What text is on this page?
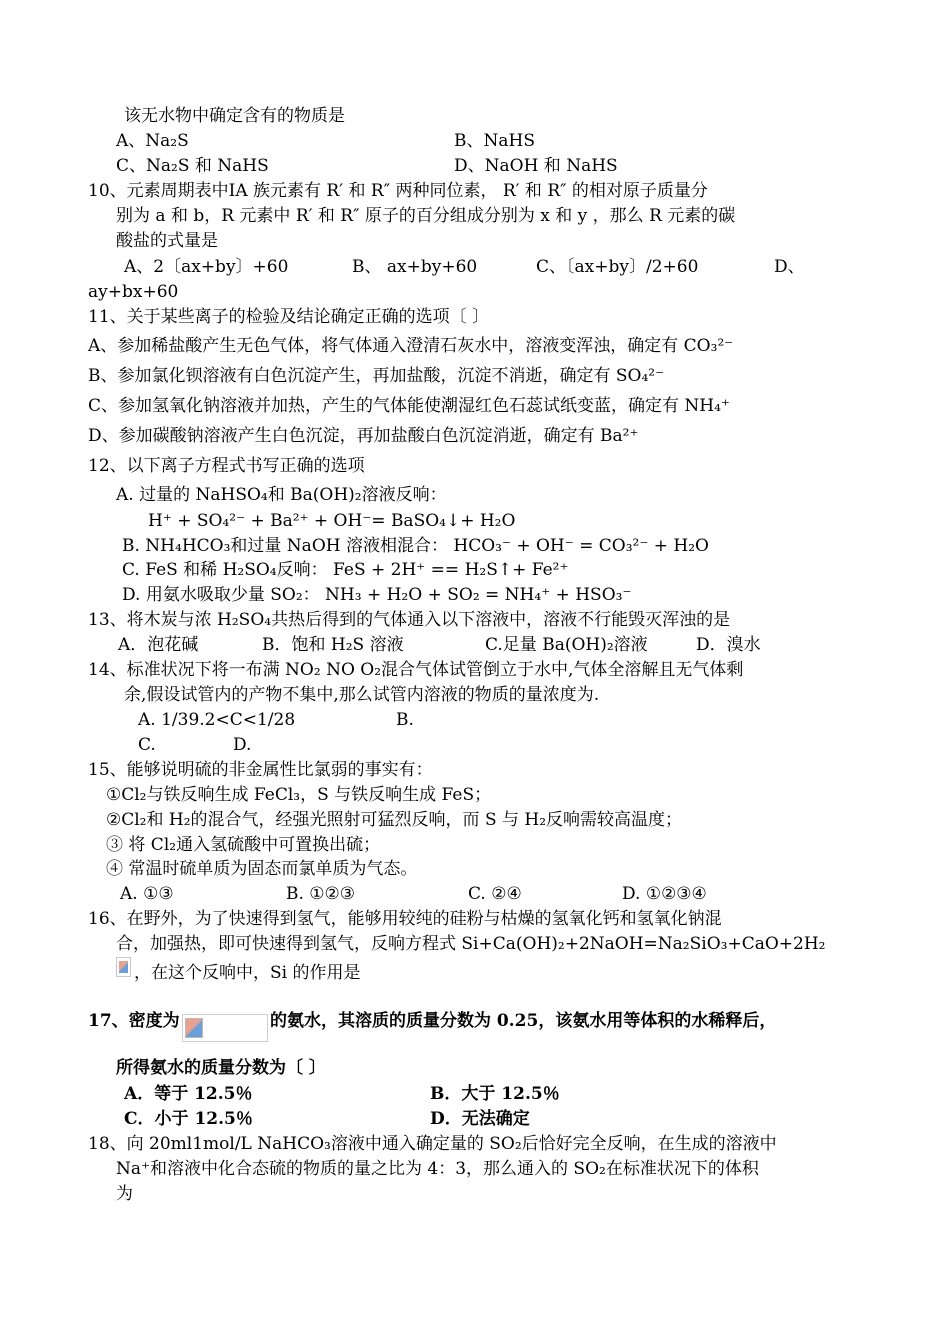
该无水物中确定含有的物质是
A、Na₂S	B、NaHS
C、Na₂S 和 NaHS	D、NaOH 和 NaHS
10、元素周期表中ⅠA 族元素有 R′ 和 R″ 两种同位素， R′ 和 R″ 的相对原子质量分
别为 a 和 b，R 元素中 R′ 和 R″ 原子的百分组成分别为 x 和 y ，那么 R 元素的碳
酸盐的式量是
A、2〔ax+by〕+60	B、 ax+by+60	C、〔ax+by〕/2+60	D、
ay+bx+60
11、关于某些离子的检验及结论确定正确的选项〔 〕
A、参加稀盐酸产生无色气体，将气体通入澄清石灰水中，溶液变浑浊，确定有 CO₃²⁻
B、参加氯化钡溶液有白色沉淀产生，再加盐酸，沉淀不消逝，确定有 SO₄²⁻
C、参加氢氧化钠溶液并加热，产生的气体能使潮湿红色石蕊试纸变蓝，确定有 NH₄⁺
D、参加碳酸钠溶液产生白色沉淀，再加盐酸白色沉淀消逝，确定有 Ba²⁺
12、以下离子方程式书写正确的选项
A. 过量的 NaHSO₄和 Ba(OH)₂溶液反响：
H⁺ + SO₄²⁻ + Ba²⁺ + OH⁻= BaSO₄↓+ H₂O
B. NH₄HCO₃和过量 NaOH 溶液相混合： HCO₃⁻ + OH⁻ = CO₃²⁻ + H₂O
C. FeS 和稀 H₂SO₄反响： FeS + 2H⁺ == H₂S↑+ Fe²⁺
D. 用氨水吸取少量 SO₂： NH₃ + H₂O + SO₂ = NH₄⁺ + HSO₃⁻
13、将木炭与浓 H₂SO₄共热后得到的气体通入以下溶液中，溶液不行能毁灭浑浊的是
A．泡花碱	B．饱和 H₂S 溶液	C.足量 Ba(OH)₂溶液	D．溴水
14、标准状况下将一布满 NO₂ NO O₂混合气体试管倒立于水中,气体全溶解且无气体剩
余,假设试管内的产物不集中,那么试管内溶液的物质的量浓度为.
A. 1/39.2<C<1/28	B.
C.	D.
15、能够说明硫的非金属性比氯弱的事实有：
①Cl₂与铁反响生成 FeCl₃，S 与铁反响生成 FeS；
②Cl₂和 H₂的混合气，经强光照射可猛烈反响，而 S 与 H₂反响需较高温度；
③ 将 Cl₂通入氢硫酸中可置换出硫；
④ 常温时硫单质为固态而氯单质为气态。
A. ①③	B. ①②③	C. ②④	D. ①②③④
16、在野外，为了快速得到氢气，能够用较纯的硅粉与枯燥的氢氧化钙和氢氧化钠混
合，加强热，即可快速得到氢气，反响方程式 Si+Ca(OH)₂+2NaOH=Na₂SiO₃+CaO+2H₂
，在这个反响中，Si 的作用是
17、密度为	的氨水，其溶质的质量分数为 0.25，该氨水用等体积的水稀释后，
所得氨水的质量分数为〔 〕
A．等于 12.5％	B．大于 12.5％
C．小于 12.5％	D．无法确定
18、向 20ml1mol/L NaHCO₃溶液中通入确定量的 SO₂后恰好完全反响，在生成的溶液中
Na⁺和溶液中化合态硫的物质的量之比为 4：3，那么通入的 SO₂在标准状况下的体积
为
